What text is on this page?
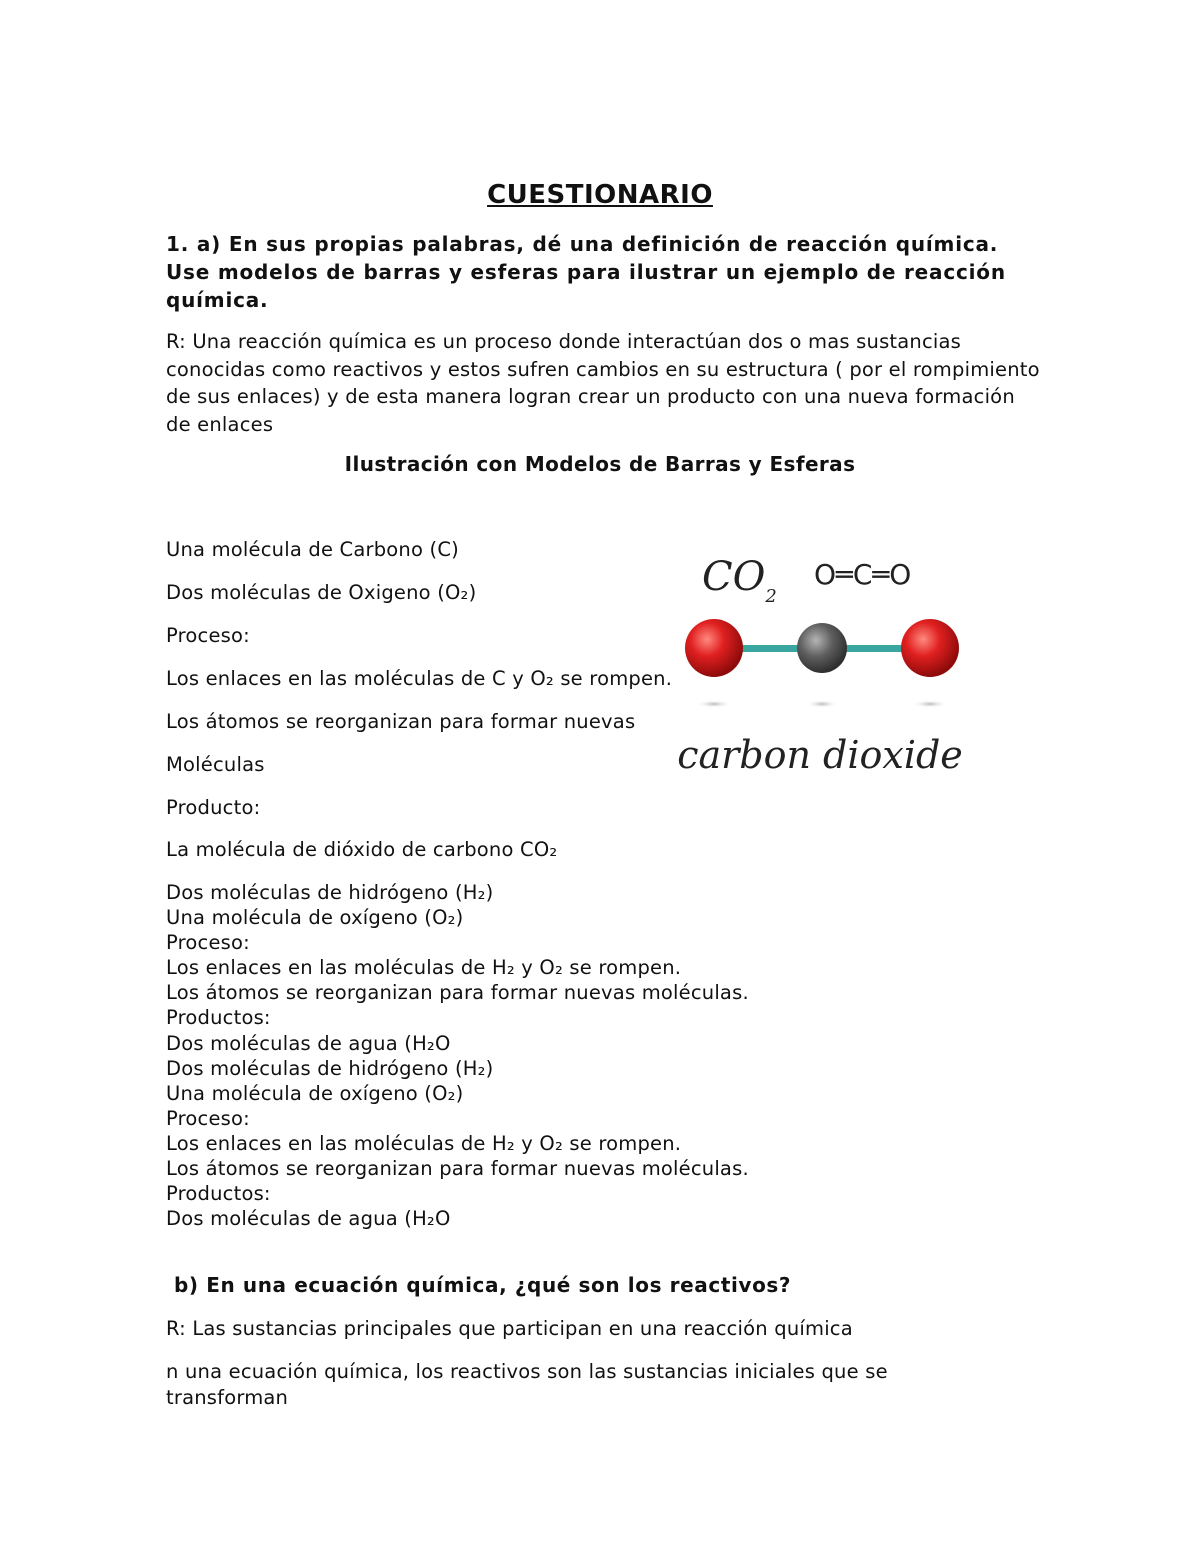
CUESTIONARIO
1. a) En sus propias palabras, dé una definición de reacción química. Use modelos de barras y esferas para ilustrar un ejemplo de reacción química.
R: Una reacción química es un proceso donde interactúan dos o mas sustancias conocidas como reactivos y estos sufren cambios en su estructura ( por el rompimiento de sus enlaces) y de esta manera logran crear un producto con una nueva formación de enlaces
Ilustración con Modelos de Barras y Esferas
Una molécula de Carbono (C)
Dos moléculas de Oxigeno (O₂)
Proceso:
Los enlaces en las moléculas de C y O₂ se rompen.
Los átomos se reorganizan para formar nuevas
Moléculas
Producto:
La molécula de dióxido de carbono CO₂
$CO_2$
O═C═O
carbon dioxide
Dos moléculas de hidrógeno (H₂)
Una molécula de oxígeno (O₂)
Proceso:
Los enlaces en las moléculas de H₂ y O₂ se rompen.
Los átomos se reorganizan para formar nuevas moléculas.
Productos:
Dos moléculas de agua (H₂O
Dos moléculas de hidrógeno (H₂)
Una molécula de oxígeno (O₂)
Proceso:
Los enlaces en las moléculas de H₂ y O₂ se rompen.
Los átomos se reorganizan para formar nuevas moléculas.
Productos:
Dos moléculas de agua (H₂O
b) En una ecuación química, ¿qué son los reactivos?
R: Las sustancias principales que participan en una reacción química
n una ecuación química, los reactivos son las sustancias iniciales que se transforman
